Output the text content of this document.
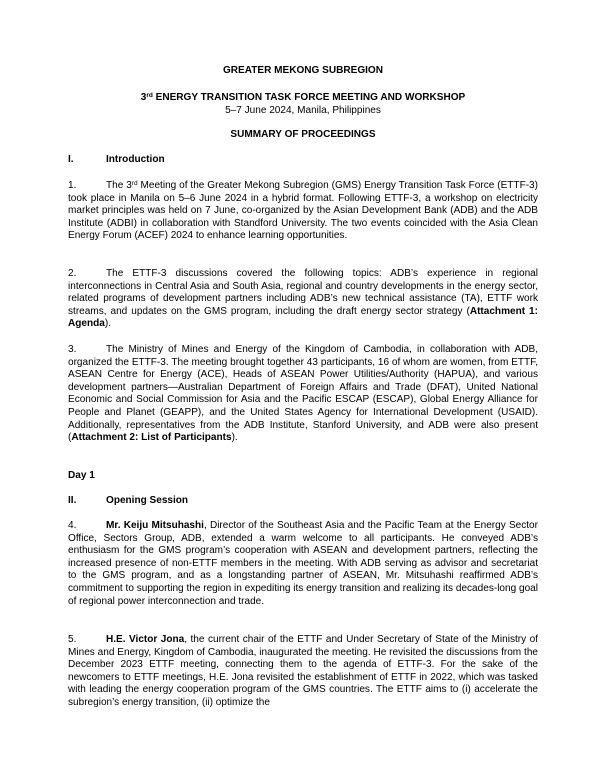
GREATER MEKONG SUBREGION
3rd ENERGY TRANSITION TASK FORCE MEETING AND WORKSHOP
5–7 June 2024, Manila, Philippines
SUMMARY OF PROCEEDINGS
I.	Introduction
1.	The 3rd Meeting of the Greater Mekong Subregion (GMS) Energy Transition Task Force (ETTF-3) took place in Manila on 5–6 June 2024 in a hybrid format. Following ETTF-3, a workshop on electricity market principles was held on 7 June, co-organized by the Asian Development Bank (ADB) and the ADB Institute (ADBI) in collaboration with Standford University. The two events coincided with the Asia Clean Energy Forum (ACEF) 2024 to enhance learning opportunities.
2.	The ETTF-3 discussions covered the following topics: ADB’s experience in regional interconnections in Central Asia and South Asia, regional and country developments in the energy sector, related programs of development partners including ADB’s new technical assistance (TA), ETTF work streams, and updates on the GMS program, including the draft energy sector strategy (Attachment 1: Agenda).
3.	The Ministry of Mines and Energy of the Kingdom of Cambodia, in collaboration with ADB, organized the ETTF-3. The meeting brought together 43 participants, 16 of whom are women, from ETTF, ASEAN Centre for Energy (ACE), Heads of ASEAN Power Utilities/Authority (HAPUA), and various development partners—Australian Department of Foreign Affairs and Trade (DFAT), United National Economic and Social Commission for Asia and the Pacific ESCAP (ESCAP), Global Energy Alliance for People and Planet (GEAPP), and the United States Agency for International Development (USAID). Additionally, representatives from the ADB Institute, Stanford University, and ADB were also present (Attachment 2: List of Participants).
Day 1
II.	Opening Session
4.	Mr. Keiju Mitsuhashi, Director of the Southeast Asia and the Pacific Team at the Energy Sector Office, Sectors Group, ADB, extended a warm welcome to all participants. He conveyed ADB’s enthusiasm for the GMS program’s cooperation with ASEAN and development partners, reflecting the increased presence of non-ETTF members in the meeting. With ADB serving as advisor and secretariat to the GMS program, and as a longstanding partner of ASEAN, Mr. Mitsuhashi reaffirmed ADB’s commitment to supporting the region in expediting its energy transition and realizing its decades-long goal of regional power interconnection and trade.
5.	H.E. Victor Jona, the current chair of the ETTF and Under Secretary of State of the Ministry of Mines and Energy, Kingdom of Cambodia, inaugurated the meeting. He revisited the discussions from the December 2023 ETTF meeting, connecting them to the agenda of ETTF-3. For the sake of the newcomers to ETTF meetings, H.E. Jona revisited the establishment of ETTF in 2022, which was tasked with leading the energy cooperation program of the GMS countries. The ETTF aims to (i) accelerate the subregion’s energy transition, (ii) optimize the
